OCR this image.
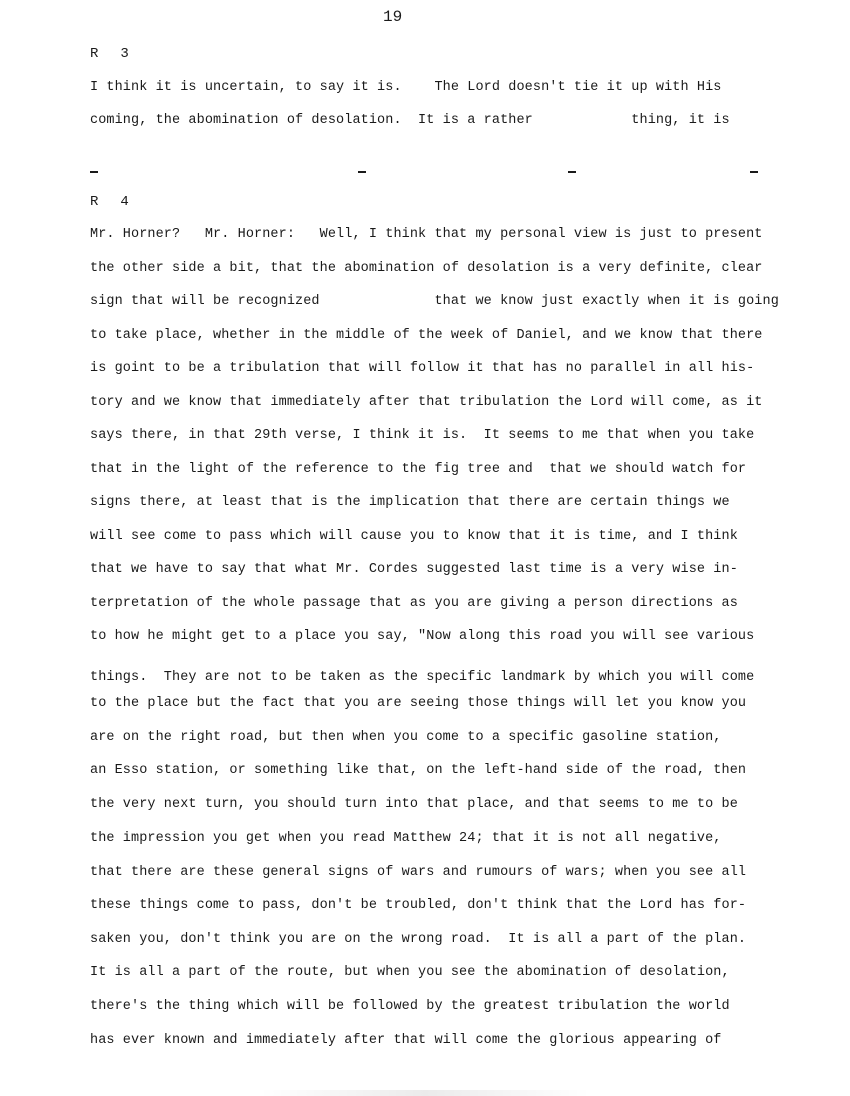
19
R 3
I think it is uncertain, to say it is.    The Lord doesn't tie it up with His
coming, the abomination of desolation.  It is a rather            thing, it is
R 4
Mr. Horner?   Mr. Horner:   Well, I think that my personal view is just to present
the other side a bit, that the abomination of desolation is a very definite, clear
sign that will be recognized              that we know just exactly when it is going
to take place, whether in the middle of the week of Daniel, and we know that there
is goint to be a tribulation that will follow it that has no parallel in all his-
tory and we know that immediately after that tribulation the Lord will come, as it
says there, in that 29th verse, I think it is.  It seems to me that when you take
that in the light of the reference to the fig tree and  that we should watch for
signs there, at least that is the implication that there are certain things we
will see come to pass which will cause you to know that it is time, and I think
that we have to say that what Mr. Cordes suggested last time is a very wise in-
terpretation of the whole passage that as you are giving a person directions as
to how he might get to a place you say, "Now along this road you will see various
things.  They are not to be taken as the specific landmark by which you will come
to the place but the fact that you are seeing those things will let you know you
are on the right road, but then when you come to a specific gasoline station,
an Esso station, or something like that, on the left-hand side of the road, then
the very next turn, you should turn into that place, and that seems to me to be
the impression you get when you read Matthew 24; that it is not all negative,
that there are these general signs of wars and rumours of wars; when you see all
these things come to pass, don't be troubled, don't think that the Lord has for-
saken you, don't think you are on the wrong road.  It is all a part of the plan.
It is all a part of the route, but when you see the abomination of desolation,
there's the thing which will be followed by the greatest tribulation the world
has ever known and immediately after that will come the glorious appearing of
